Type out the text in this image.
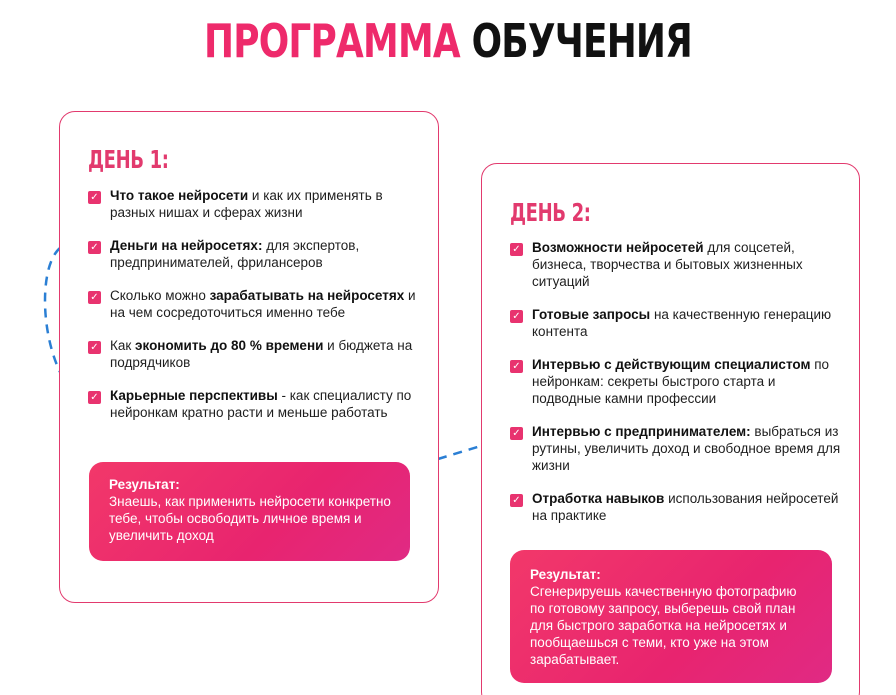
ПРОГРАММА ОБУЧЕНИЯ
ДЕНЬ 1:
✓ Что такое нейросети и как их применять в разных нишах и сферах жизни
✓ Деньги на нейросетях: для экспертов, предпринимателей, фрилансеров
✓ Сколько можно зарабатывать на нейросетях и на чем сосредоточиться именно тебе
✓ Как экономить до 80 % времени и бюджета на подрядчиков
✓ Карьерные перспективы - как специалисту по нейронкам кратно расти и меньше работать
Результат:
Знаешь, как применить нейросети конкретно тебе, чтобы освободить личное время и увеличить доход
ДЕНЬ 2:
✓ Возможности нейросетей для соцсетей, бизнеса, творчества и бытовых жизненных ситуаций
✓ Готовые запросы на качественную генерацию контента
✓ Интервью с действующим специалистом по нейронкам: секреты быстрого старта и подводные камни профессии
✓ Интервью с предпринимателем: выбраться из рутины, увеличить доход и свободное время для жизни
✓ Отработка навыков использования нейросетей на практике
Результат:
Сгенерируешь качественную фотографию по готовому запросу, выберешь свой план для быстрого заработка на нейросетях и пообщаешься с теми, кто уже на этом зарабатывает.
